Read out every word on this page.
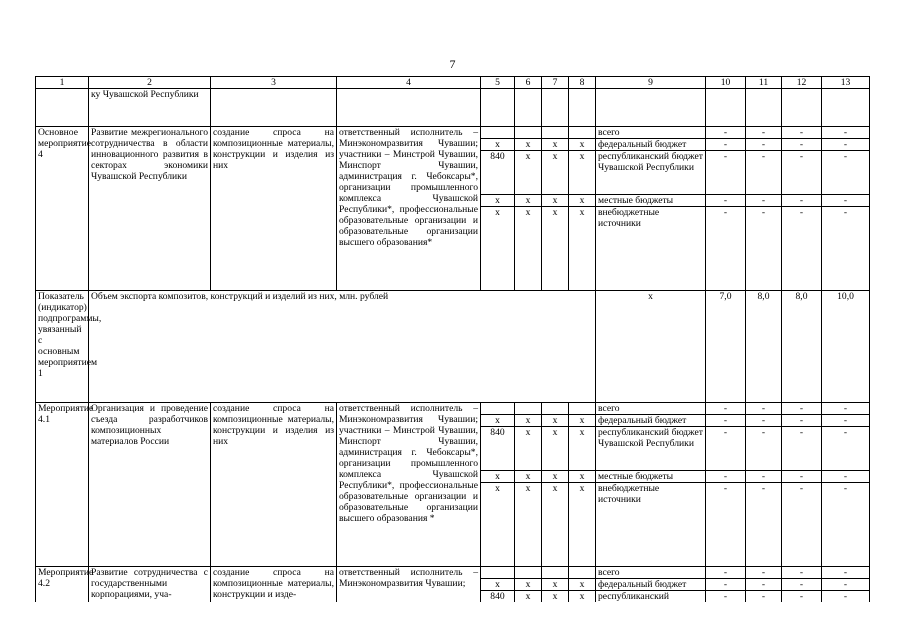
7
1	2	3	4	5	6	7	8	9	10	11	12	13
	ку Чувашской Республики											
Основное мероприятие 4	Развитие межрегионального сотрудничества в области инновационного развития в секторах экономики Чувашской Республики	создание спроса на композиционные материалы, конструкции и изделия из них	ответственный исполнитель – Минэкономразвития Чувашии; участники – Минстрой Чувашии, Минспорт Чувашии, администрация г. Чебоксары*, организации промышленного комплекса Чувашской Республики*, профессиональные образовательные организации и образовательные организации высшего образования*					всего	-	-	-	-
				x	x	x	x	федеральный бюджет	-	-	-	-
				840	x	x	x	республиканский бюджет Чувашской Республики	-	-	-	-
				x	x	x	x	местные бюджеты	-	-	-	-
				x	x	x	x	внебюджетные источники	-	-	-	-
Показатель (индикатор) подпрограммы, увязанный с основным мероприятием 1	Объем экспорта композитов, конструкций и изделий из них, млн. рублей							x	7,0	8,0	8,0	10,0
Мероприятие 4.1	Организация и проведение съезда разработчиков композиционных материалов России	создание спроса на композиционные материалы, конструкции и изделия из них	ответственный исполнитель – Минэкономразвития Чувашии; участники – Минстрой Чувашии, Минспорт Чувашии, администрация г. Чебоксары*, организации промышленного комплекса Чувашской Республики*, профессиональные образовательные организации и образовательные организации высшего образования *					всего	-	-	-	-
				x	x	x	x	федеральный бюджет	-	-	-	-
				840	x	x	x	республиканский бюджет Чувашской Республики	-	-	-	-
				x	x	x	x	местные бюджеты	-	-	-	-
				x	x	x	x	внебюджетные источники	-	-	-	-
Мероприятие 4.2	Развитие сотрудничества с государственными корпорациями, уча-	создание спроса на композиционные материалы, конструкции и изде-	ответственный исполнитель – Минэкономразвития Чувашии;					всего	-	-	-	-
				x	x	x	x	федеральный бюджет	-	-	-	-
				840	x	x	x	республиканский	-	-	-	-
